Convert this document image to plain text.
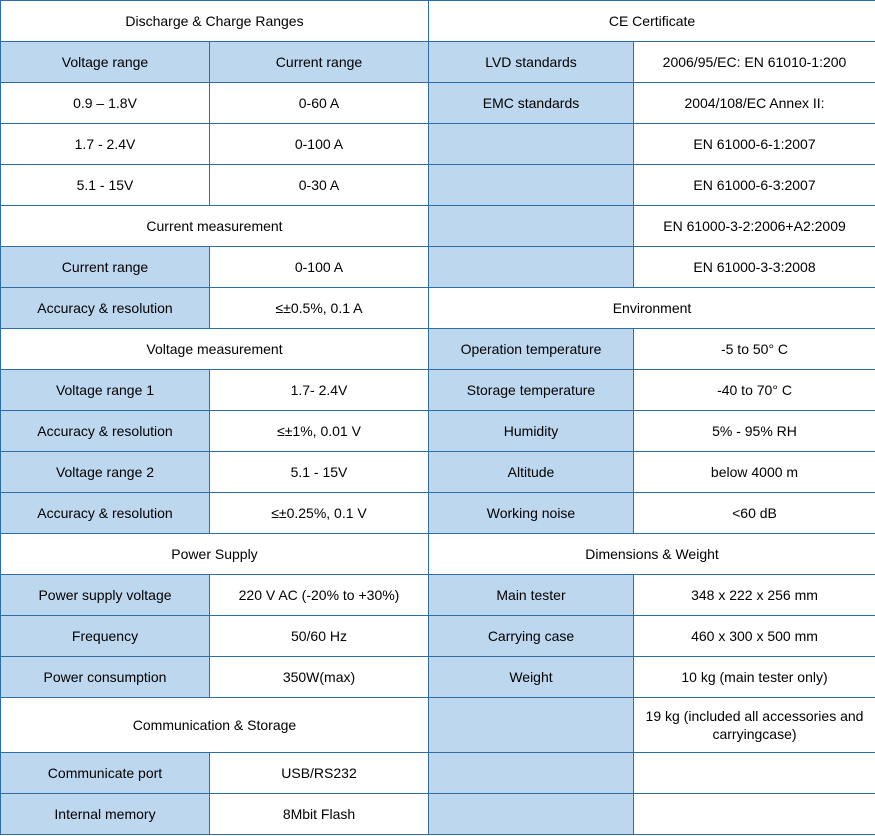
Discharge & Charge Ranges		CE Certificate	
Voltage range	Current range	LVD standards	2006/95/EC: EN 61010-1:200
0.9 – 1.8V	0-60 A	EMC standards	2004/108/EC Annex II:
1.7 - 2.4V	0-100 A		EN 61000-6-1:2007
5.1 - 15V	0-30 A		EN 61000-6-3:2007
Current measurement			EN 61000-3-2:2006+A2:2009
Current range	0-100 A		EN 61000-3-3:2008
Accuracy & resolution	≤±0.5%, 0.1 A	Environment	
Voltage measurement		Operation temperature	-5 to 50° C
Voltage range 1	1.7- 2.4V	Storage temperature	-40 to 70° C
Accuracy & resolution	≤±1%, 0.01 V	Humidity	5% - 95% RH
Voltage range 2	5.1 - 15V	Altitude	below 4000 m
Accuracy & resolution	≤±0.25%, 0.1 V	Working noise	<60 dB
Power Supply		Dimensions & Weight	
Power supply voltage	220 V AC (-20% to +30%)	Main tester	348 x 222 x 256 mm
Frequency	50/60 Hz	Carrying case	460 x 300 x 500 mm
Power consumption	350W(max)	Weight	10 kg (main tester only)
Communication & Storage			19 kg (included all accessories and carryingcase)
Communicate port	USB/RS232		
Internal memory	8Mbit Flash		
